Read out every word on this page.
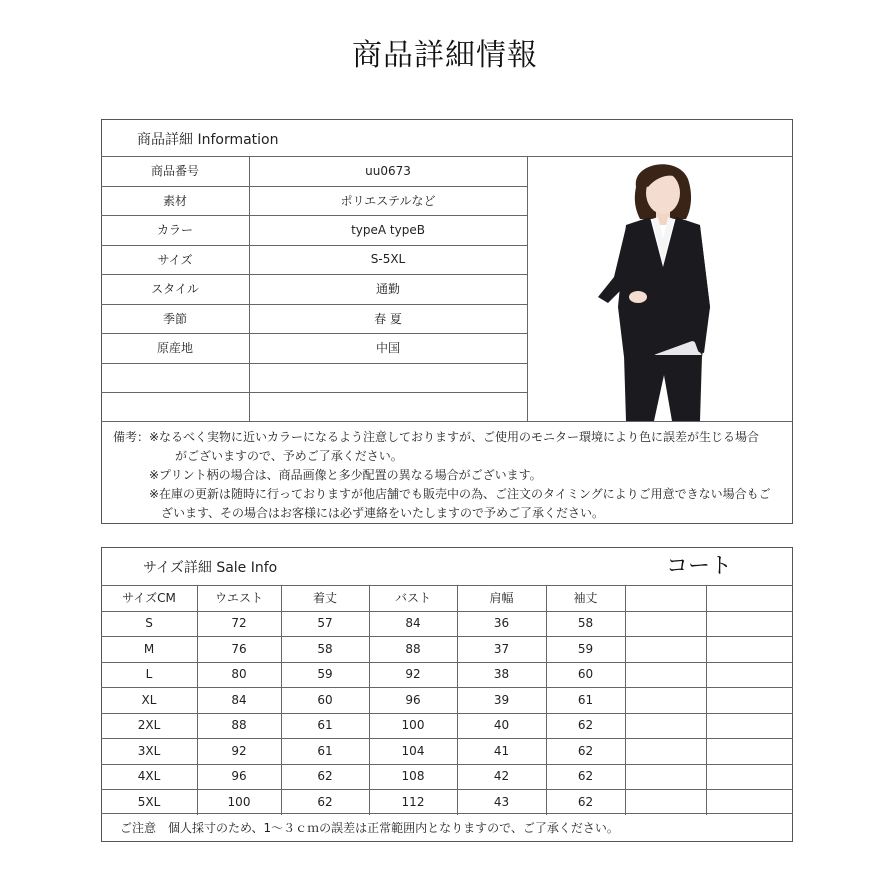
商品詳細情報
商品詳細 Information
商品番号	uu0673
素材	ポリエステルなど
カラー	typeA typeB
サイズ	S-5XL
スタイル	通勤
季節	春 夏
原産地	中国
備考：※なるべく実物に近いカラーになるよう注意しておりますが、ご使用のモニター環境により色に誤差が生じる場合
がございますので、予めご了承ください。
※プリント柄の場合は、商品画像と多少配置の異なる場合がございます。
※在庫の更新は随時に行っておりますが他店舗でも販売中の為、ご注文のタイミングによりご用意できない場合もご
ざいます、その場合はお客様には必ず連絡をいたしますので予めご了承ください。
サイズ詳細 Sale Info	コート
サイズCM	ウエスト	着丈	バスト	肩幅	袖丈
S	72	57	84	36	58
M	76	58	88	37	59
L	80	59	92	38	60
XL	84	60	96	39	61
2XL	88	61	100	40	62
3XL	92	61	104	41	62
4XL	96	62	108	42	62
5XL	100	62	112	43	62
ご注意　個人採寸のため、1～３ｃｍの誤差は正常範囲内となりますので、ご了承ください。
